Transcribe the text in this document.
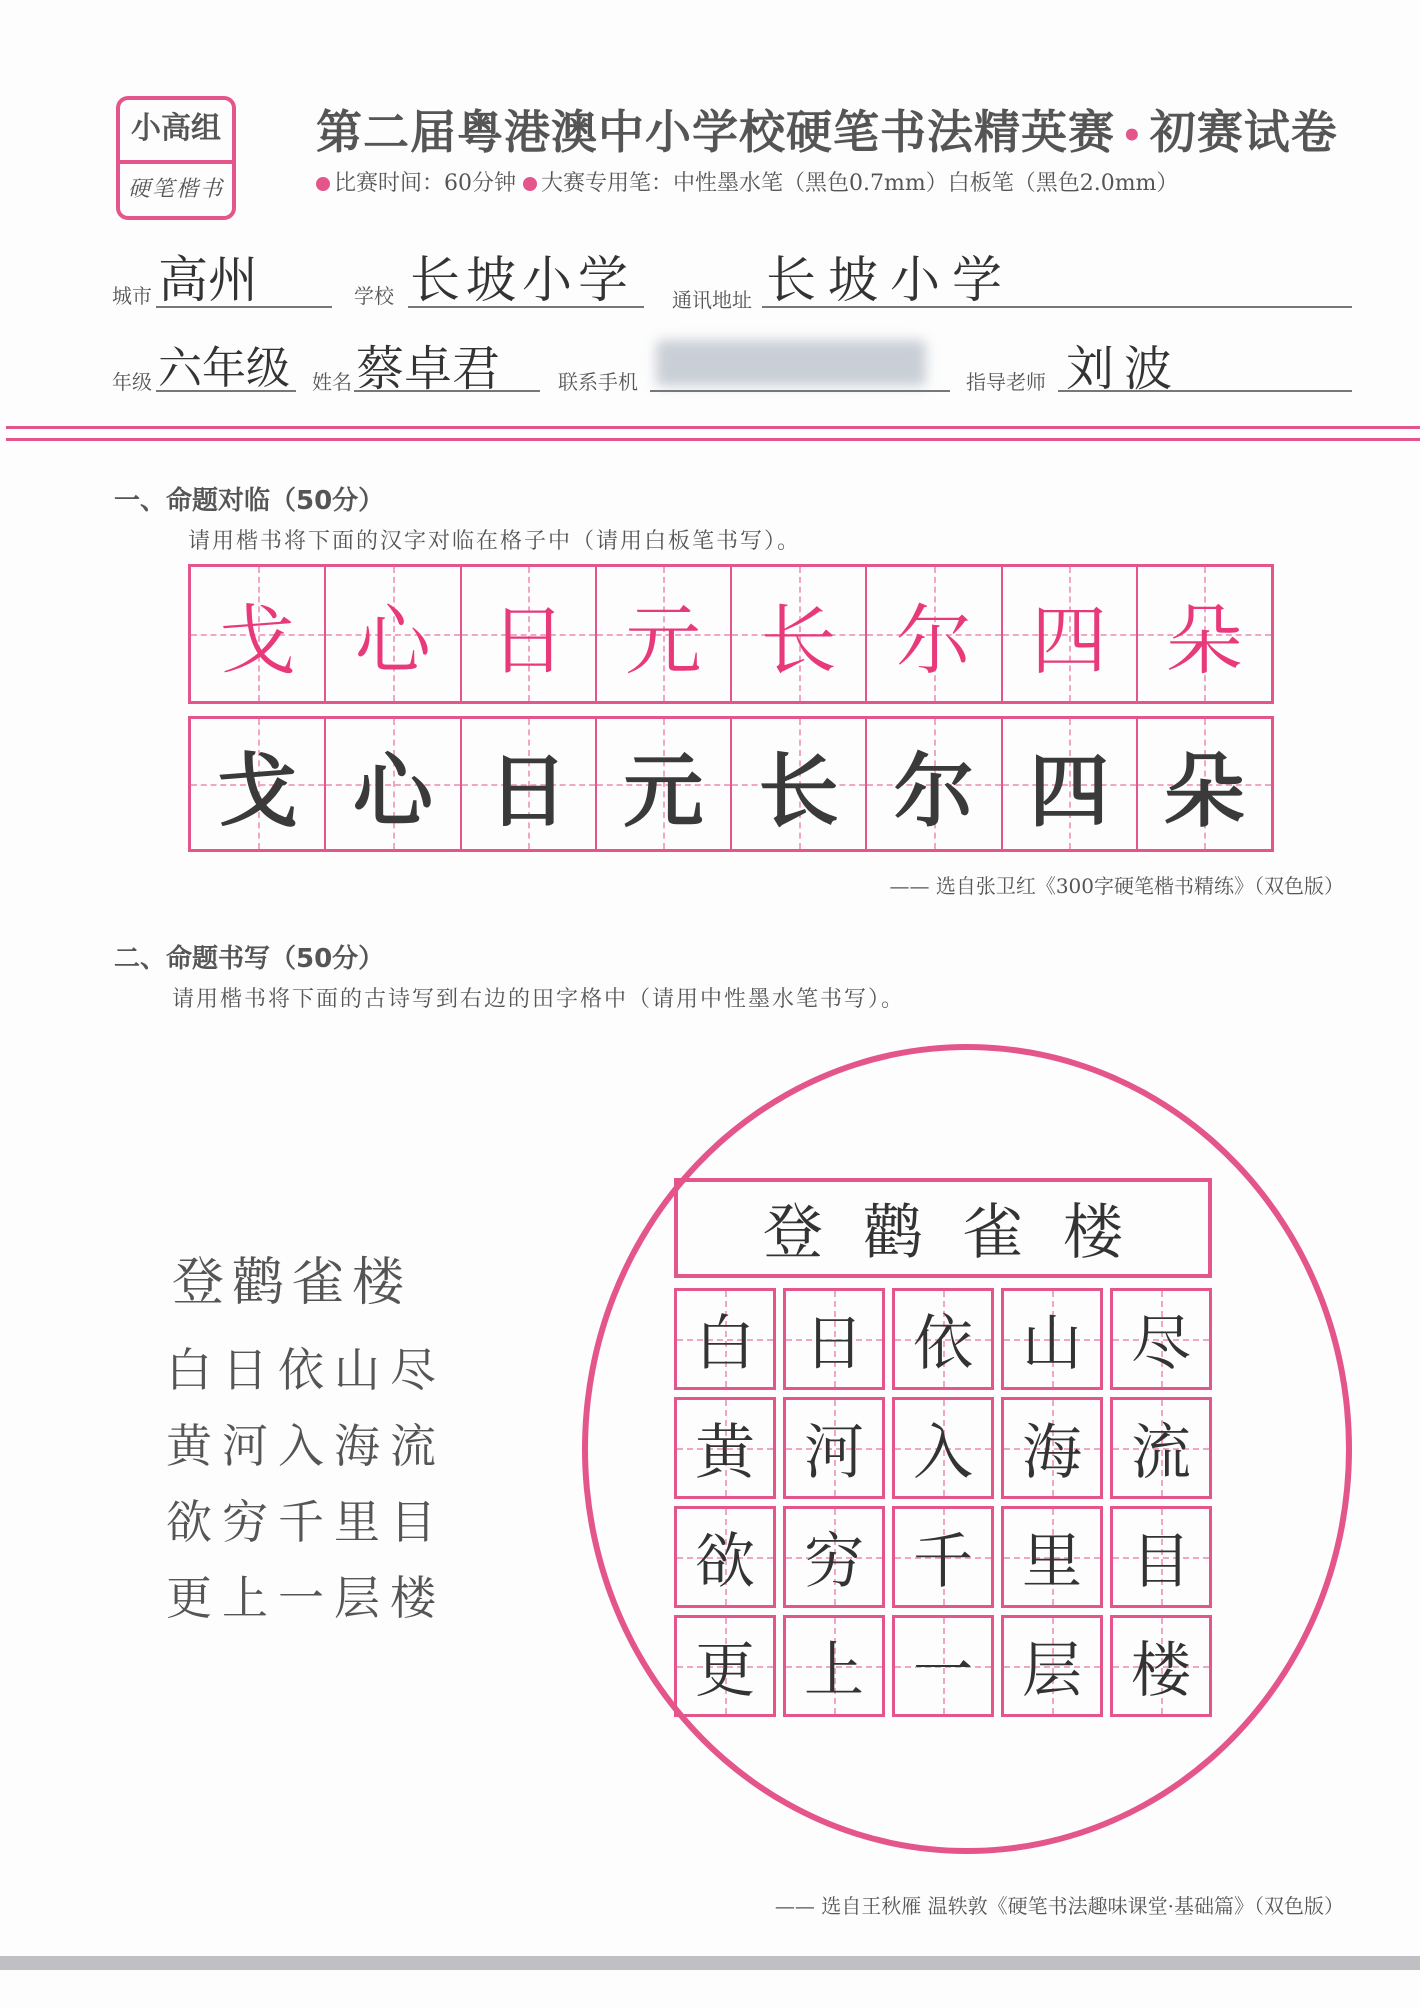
小高组
硬笔楷书
第二届粤港澳中小学校硬笔书法精英赛 • 初赛试卷
比赛时间：60分钟 大赛专用笔：中性墨水笔（黑色0.7mm）白板笔（黑色2.0mm）
城市 高州	学校 长坡小学 通讯地址 长坡小学
年级 六年级 姓名 蔡卓君	联系手机	指导老师 刘波
一、命题对临（50分）
请用楷书将下面的汉字对临在格子中（请用白板笔书写）。
戈 心 日 元 长 尔 四 朵
戈 心 日 元 长 尔 四 朵
—— 选自张卫红《300字硬笔楷书精练》（双色版）
二、命题书写（50分）
请用楷书将下面的古诗写到右边的田字格中（请用中性墨水笔书写）。
登鹳雀楼
白日依山尽
黄河入海流
欲穷千里目
更上一层楼
登鹳雀楼
白 日 依 山 尽
黄 河 入 海 流
欲 穷 千 里 目
更 上 一 层 楼
—— 选自王秋雁 温轶敦《硬笔书法趣味课堂·基础篇》（双色版）
